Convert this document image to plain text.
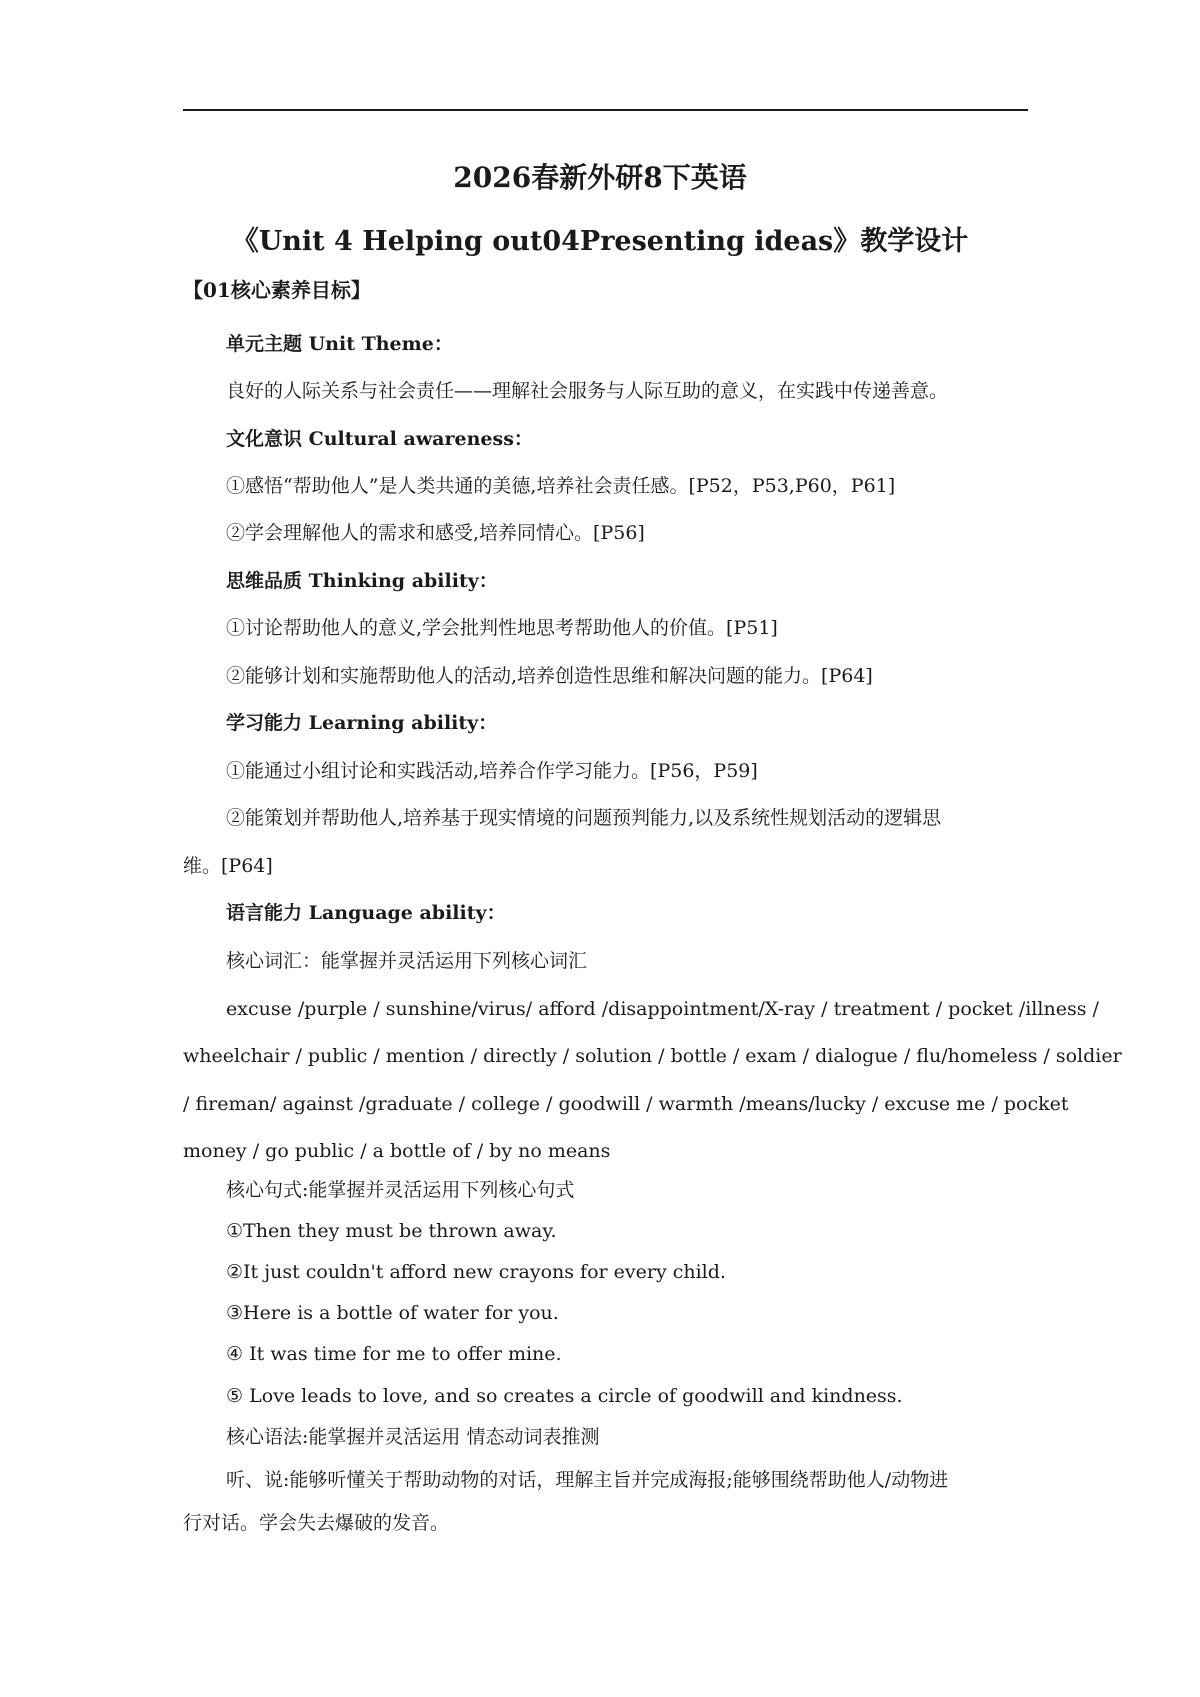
2026春新外研8下英语
《Unit 4 Helping out04Presenting ideas》教学设计
【01核心素养目标】
单元主题 Unit Theme：
良好的人际关系与社会责任——理解社会服务与人际互助的意义，在实践中传递善意。
文化意识 Cultural awareness：
①感悟“帮助他人”是人类共通的美德,培养社会责任感。[P52，P53,P60，P61]
②学会理解他人的需求和感受,培养同情心。[P56]
思维品质 Thinking ability：
①讨论帮助他人的意义,学会批判性地思考帮助他人的价值。[P51]
②能够计划和实施帮助他人的活动,培养创造性思维和解决问题的能力。[P64]
学习能力 Learning ability：
①能通过小组讨论和实践活动,培养合作学习能力。[P56，P59]
②能策划并帮助他人,培养基于现实情境的问题预判能力,以及系统性规划活动的逻辑思
维。[P64]
语言能力 Language ability：
核心词汇：能掌握并灵活运用下列核心词汇
excuse /purple / sunshine/virus/ afford /disappointment/X-ray / treatment / pocket /illness /
wheelchair / public / mention / directly / solution / bottle / exam / dialogue / flu/homeless / soldier
/ fireman/ against /graduate / college / goodwill / warmth /means/lucky / excuse me / pocket
money / go public / a bottle of / by no means
核心句式:能掌握并灵活运用下列核心句式
①Then they must be thrown away.
②It just couldn't afford new crayons for every child.
③Here is a bottle of water for you.
④ It was time for me to offer mine.
⑤ Love leads to love, and so creates a circle of goodwill and kindness.
核心语法:能掌握并灵活运用 情态动词表推测
听、说:能够听懂关于帮助动物的对话，理解主旨并完成海报;能够围绕帮助他人/动物进
行对话。学会失去爆破的发音。
